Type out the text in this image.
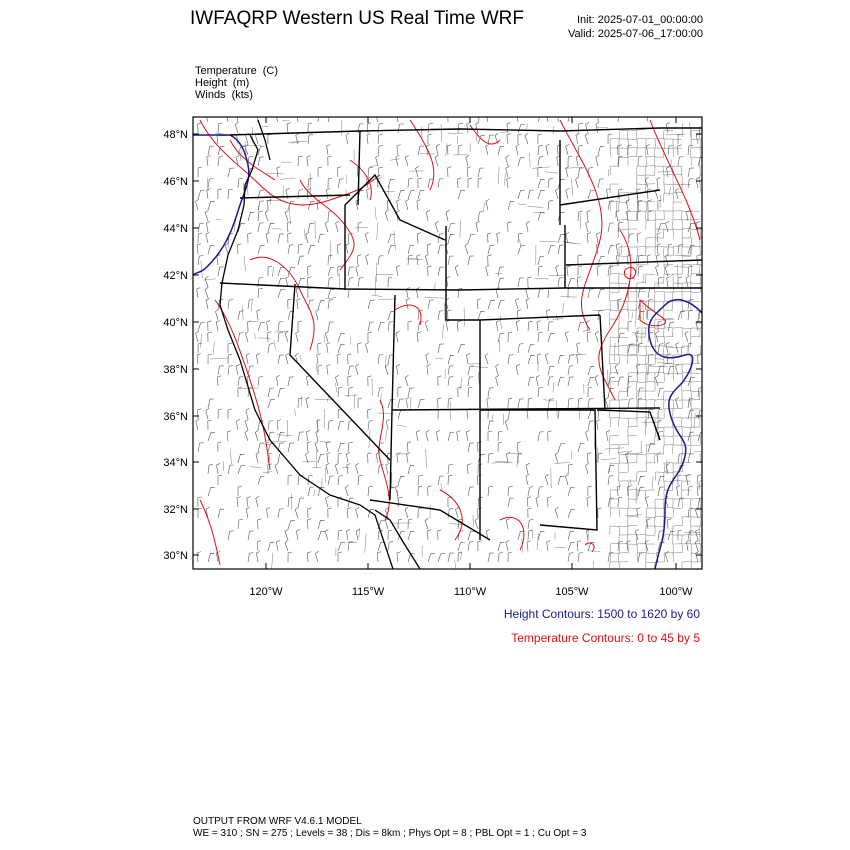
IWFAQRP Western US Real Time WRF	Init: 2025-07-01_00:00:00
Valid: 2025-07-06_17:00:00
Temperature (C)
Height (m)
Winds (kts)
48°N
46°N
44°N
42°N
40°N
38°N
36°N
34°N
32°N
30°N
120°W	115°W	110°W	105°W	100°W
Height Contours: 1500 to 1620 by 60
Temperature Contours: 0 to 45 by 5
OUTPUT FROM WRF V4.6.1 MODEL
WE = 310 ; SN = 275 ; Levels = 38 ; Dis = 8km ; Phys Opt = 8 ; PBL Opt = 1 ; Cu Opt = 3
